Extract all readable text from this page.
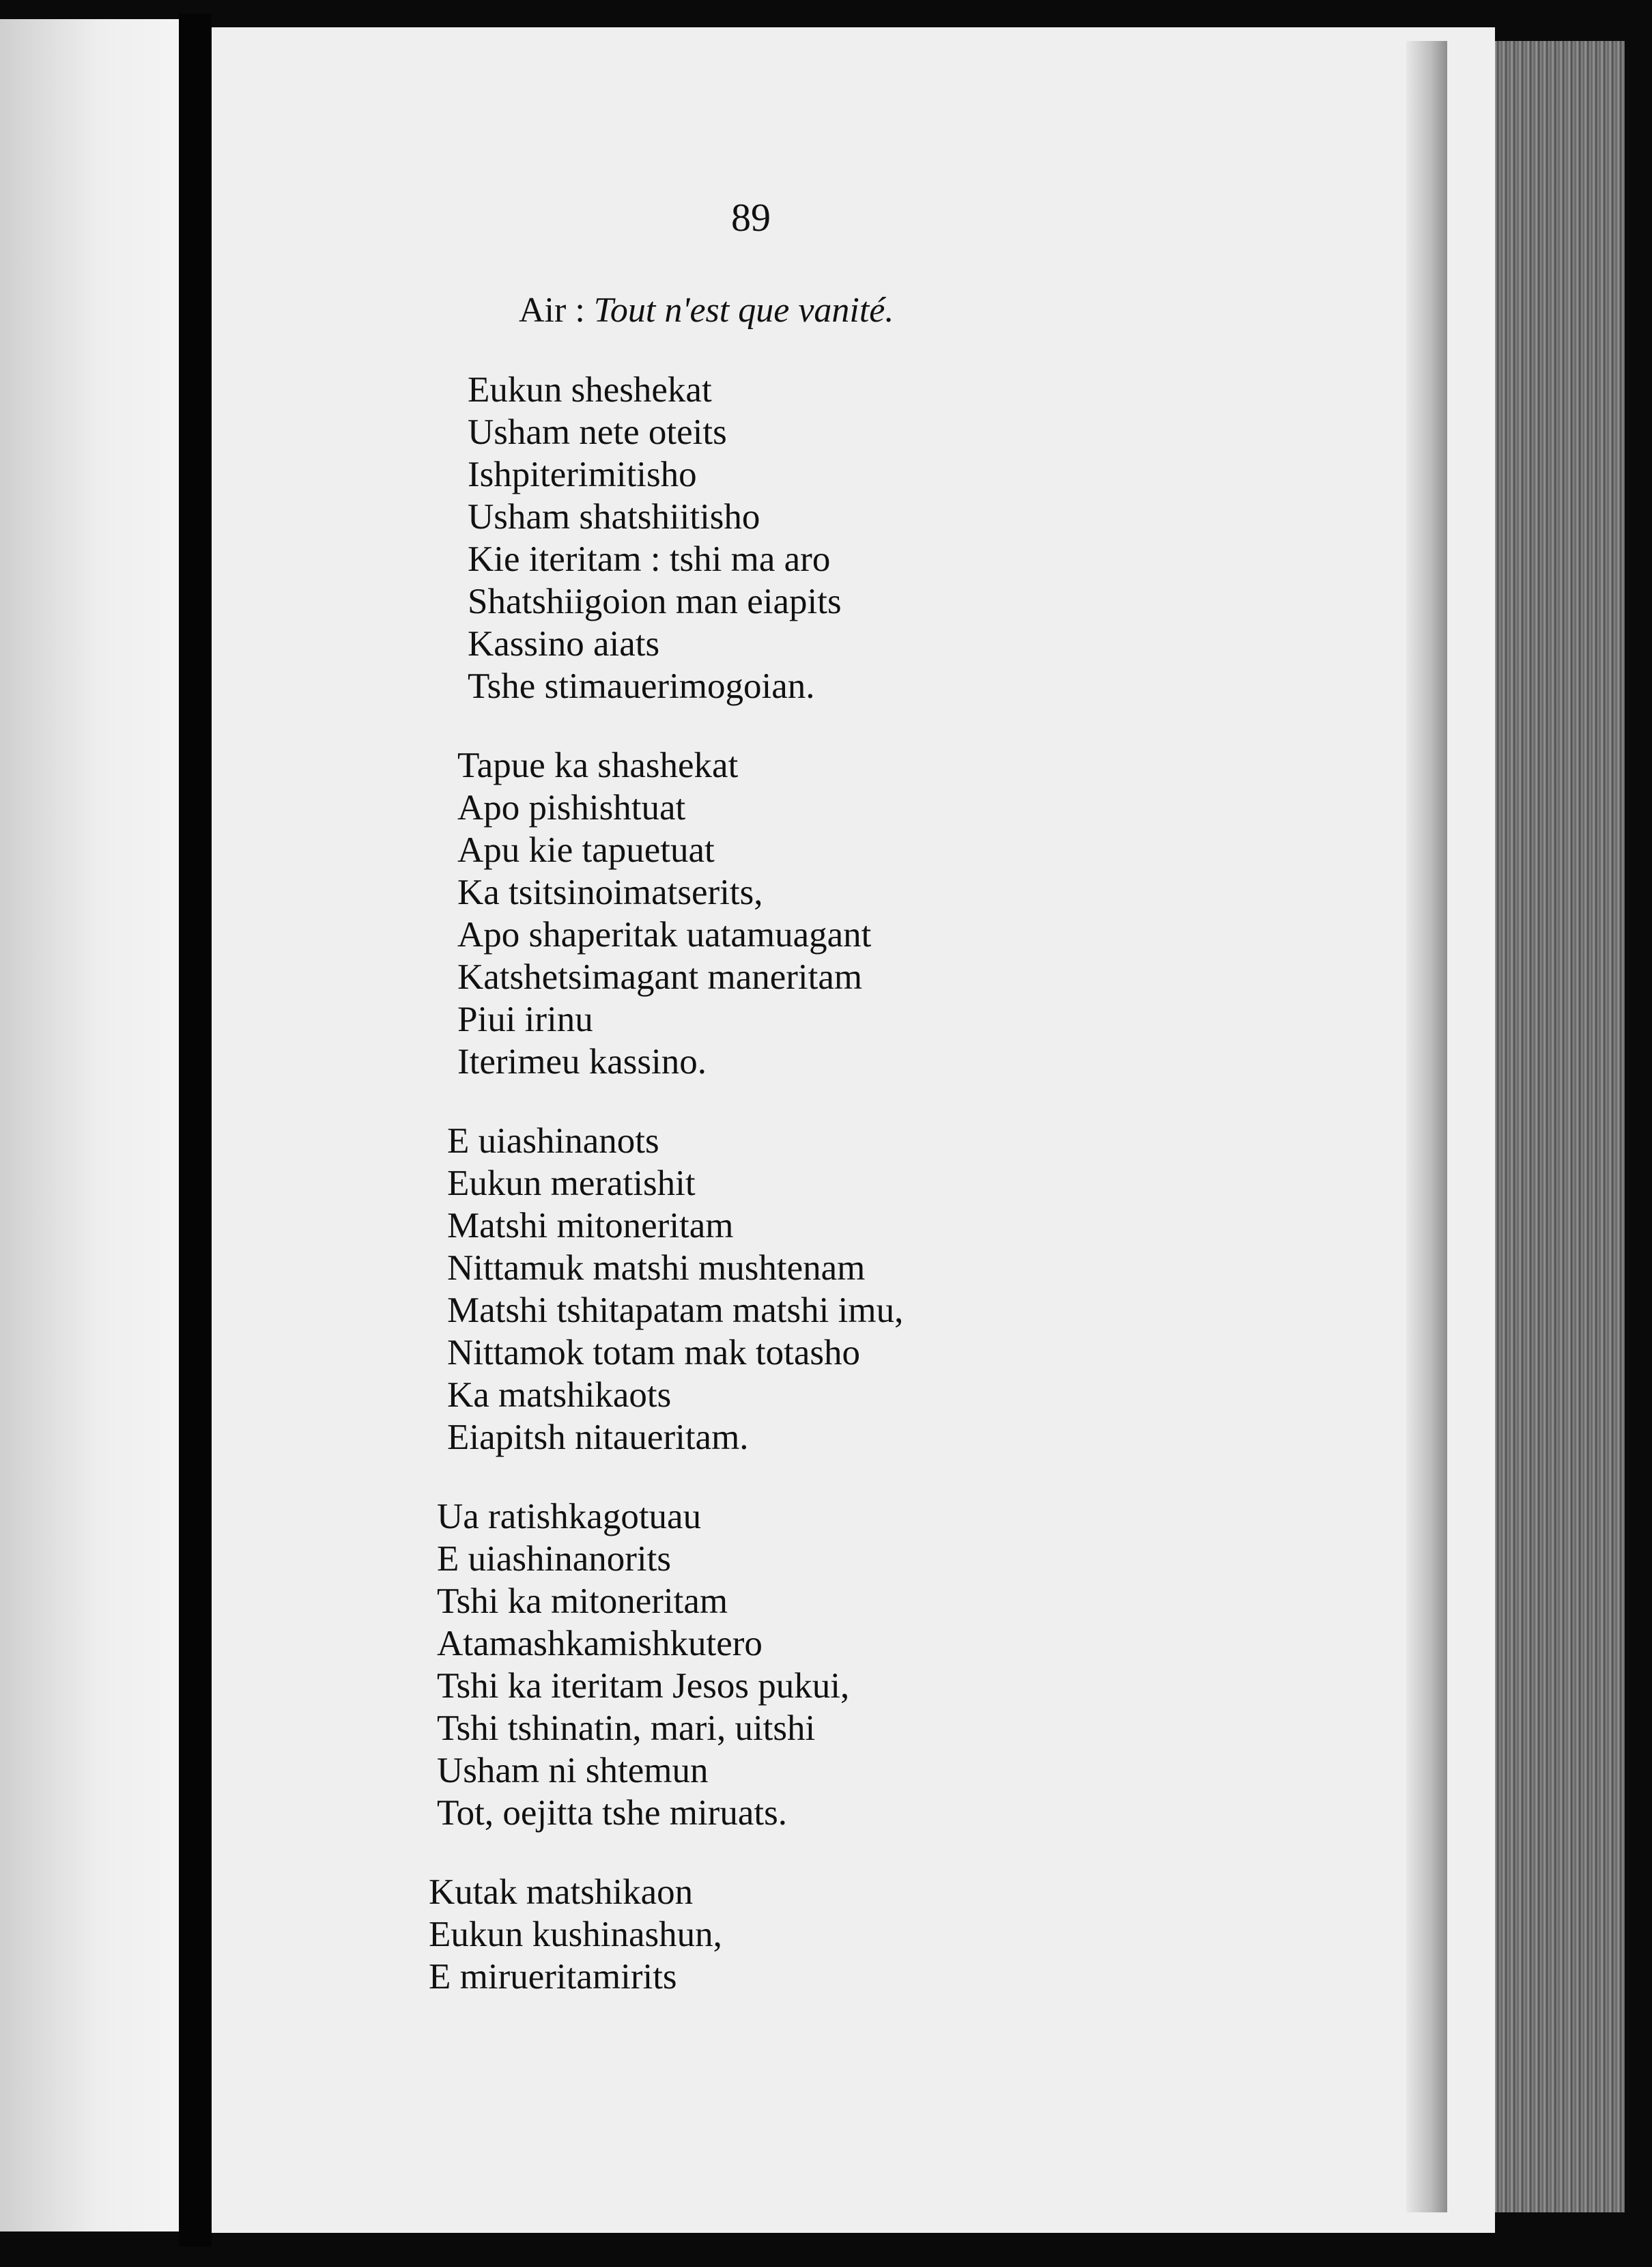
89
Air : Tout n'est que vanité.
Eukun sheshekat
Usham nete oteits
Ishpiterimitisho
Usham shatshiitisho
Kie iteritam : tshi ma aro
Shatshiigoion man eiapits
Kassino aiats
Tshe stimauerimogoian.
Tapue ka shashekat
Apo pishishtuat
Apu kie tapuetuat
Ka tsitsinoimatserits,
Apo shaperitak uatamuagant
Katshetsimagant maneritam
Piui irinu
Iterimeu kassino.
E uiashinanots
Eukun meratishit
Matshi mitoneritam
Nittamuk matshi mushtenam
Matshi tshitapatam matshi imu,
Nittamok totam mak totasho
Ka matshikaots
Eiapitsh nitaueritam.
Ua ratishkagotuau
E uiashinanorits
Tshi ka mitoneritam
Atamashkamishkutero
Tshi ka iteritam Jesos pukui,
Tshi tshinatin, mari, uitshi
Usham ni shtemun
Tot, oejitta tshe miruats.
Kutak matshikaon
Eukun kushinashun,
E mirueritamirits
